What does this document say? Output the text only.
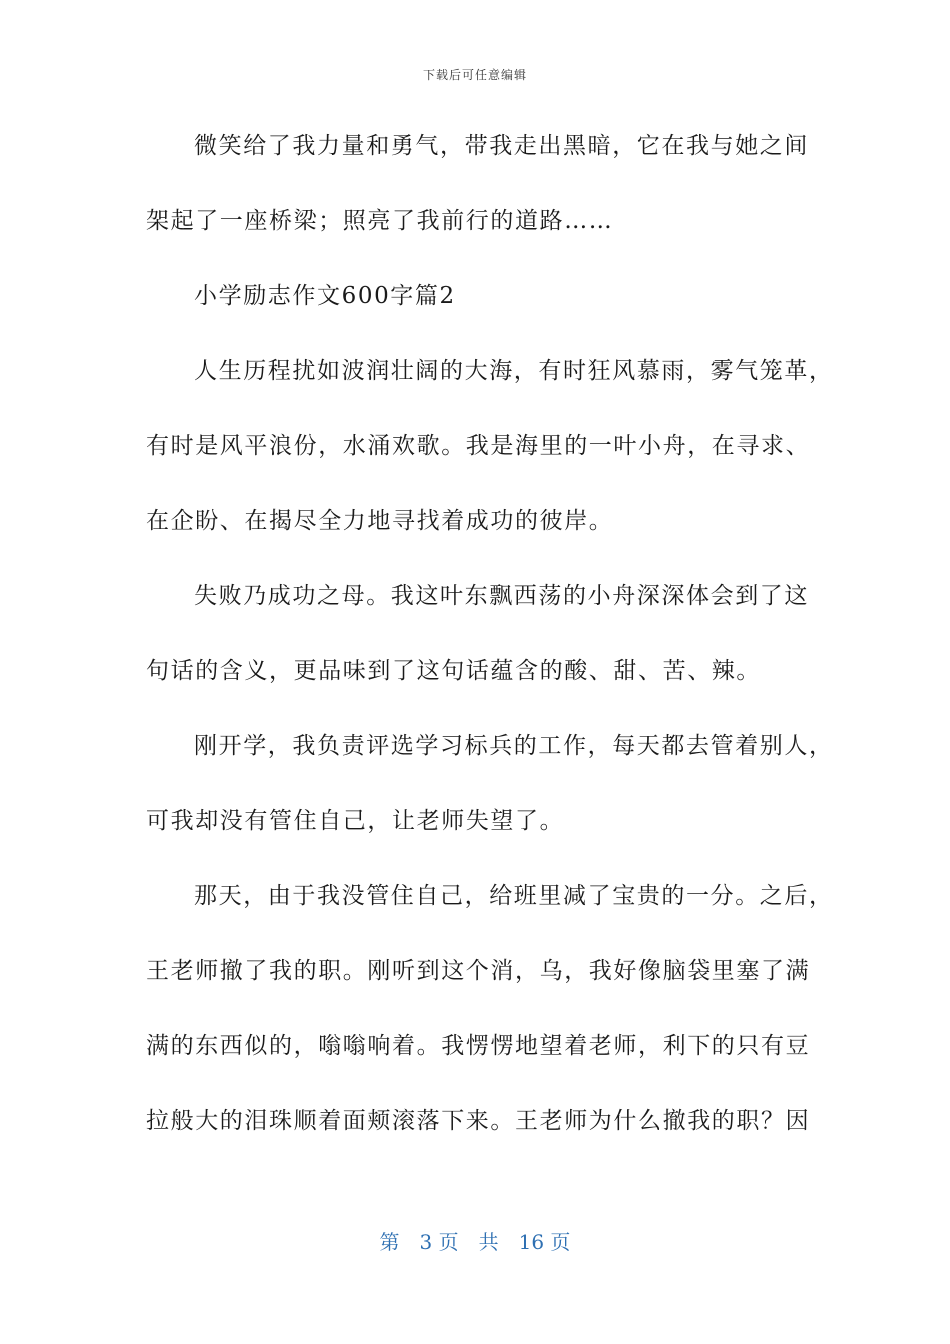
下载后可任意编辑
微笑给了我力量和勇气，带我走出黑暗，它在我与她之间
架起了一座桥梁；照亮了我前行的道路……
小学励志作文600字篇2
人生历程扰如波润壮阔的大海，有时狂风慕雨，雾气笼革，
有时是风平浪份，水涌欢歌。我是海里的一叶小舟，在寻求、
在企盼、在揭尽全力地寻找着成功的彼岸。
失败乃成功之母。我这叶东飘西荡的小舟深深体会到了这
句话的含义，更品味到了这句话蕴含的酸、甜、苦、辣。
刚开学，我负责评选学习标兵的工作，每天都去管着别人，
可我却没有管住自己，让老师失望了。
那天，由于我没管住自己，给班里减了宝贵的一分。之后，
王老师撤了我的职。刚听到这个消，乌，我好像脑袋里塞了满
满的东西似的，嗡嗡响着。我愣愣地望着老师，利下的只有豆
拉般大的泪珠顺着面颊滚落下来。王老师为什么撤我的职？因
第　3 页　共　16 页
